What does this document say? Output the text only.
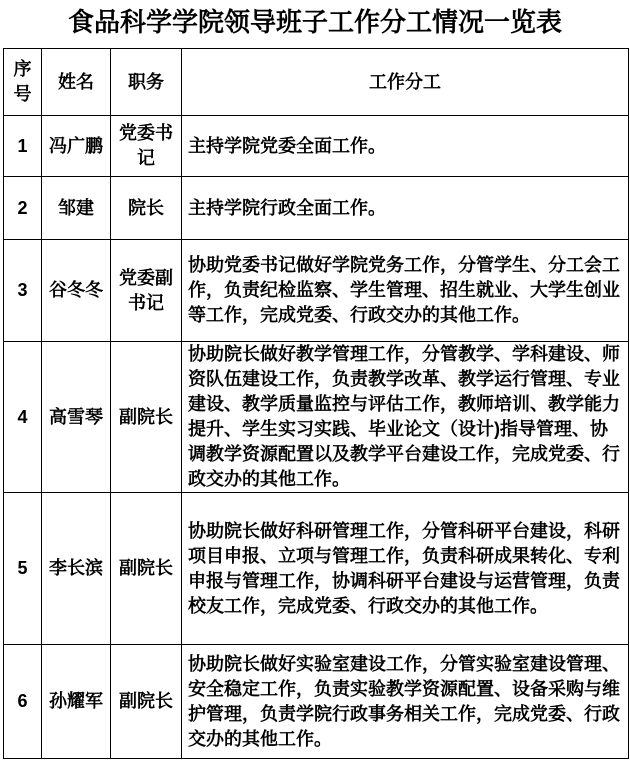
食品科学学院领导班子工作分工情况一览表
序号	姓名	职务	工作分工
1	冯广鹏	党委书记	主持学院党委全面工作。
2	邹建	院长	主持学院行政全面工作。
3	谷冬冬	党委副书记	协助党委书记做好学院党务工作，分管学生、分工会工作，负责纪检监察、学生管理、招生就业、大学生创业等工作，完成党委、行政交办的其他工作。
4	高雪琴	副院长	协助院长做好教学管理工作，分管教学、学科建设、师资队伍建设工作，负责教学改革、教学运行管理、专业建设、教学质量监控与评估工作，教师培训、教学能力提升、学生实习实践、毕业论文（设计)指导管理、协调教学资源配置以及教学平台建设工作，完成党委、行政交办的其他工作。
5	李长滨	副院长	协助院长做好科研管理工作，分管科研平台建设，科研项目申报、立项与管理工作，负责科研成果转化、专利申报与管理工作，协调科研平台建设与运营管理，负责校友工作，完成党委、行政交办的其他工作。
6	孙耀军	副院长	协助院长做好实验室建设工作，分管实验室建设管理、安全稳定工作，负责实验教学资源配置、设备采购与维护管理，负责学院行政事务相关工作，完成党委、行政交办的其他工作。
